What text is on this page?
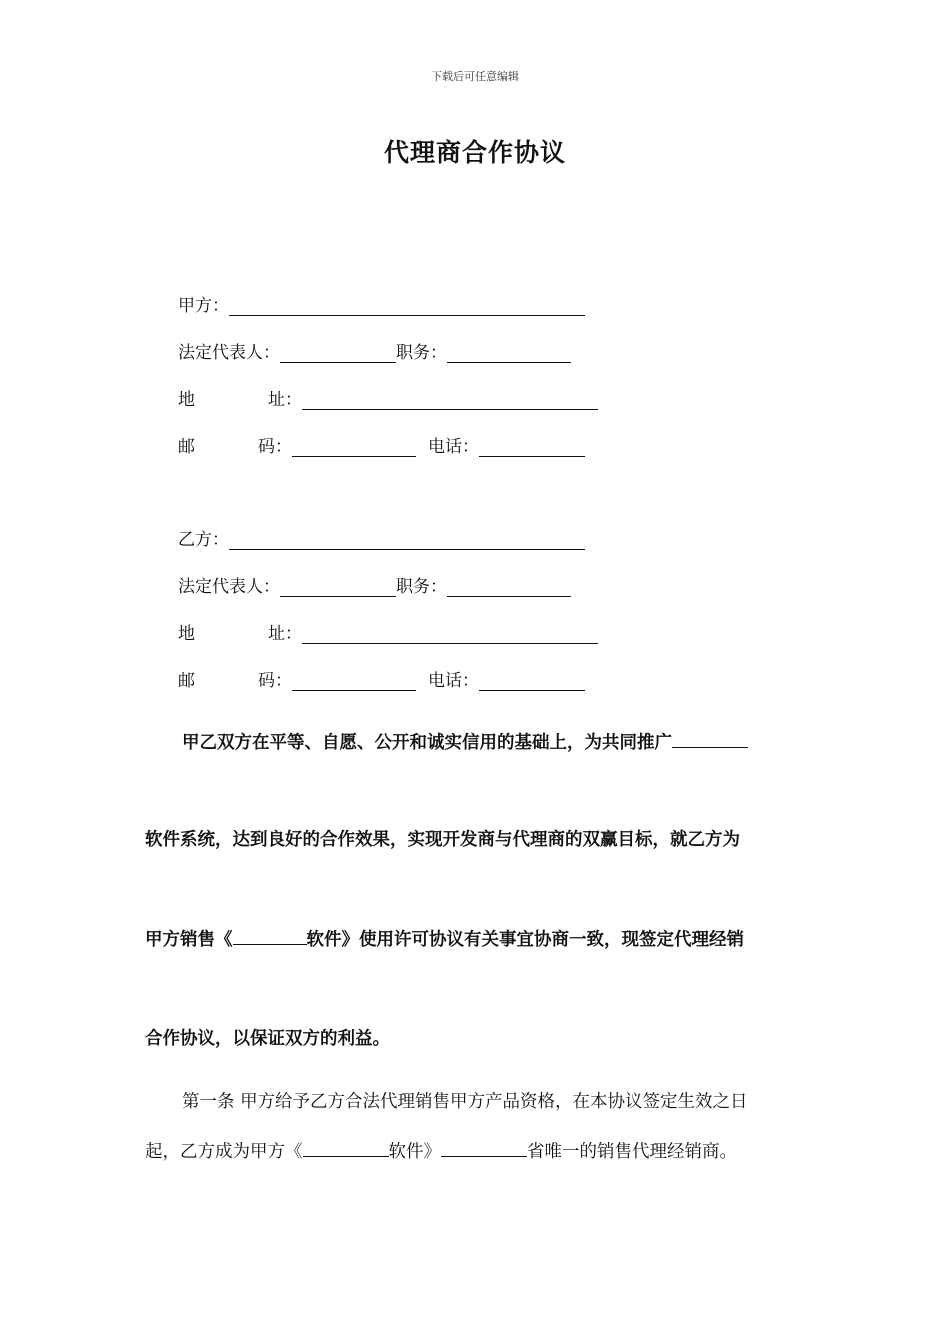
下载后可任意编辑
代理商合作协议
甲方：
法定代表人：	职务：
地	址：
邮	码：	电话：
乙方：
法定代表人：	职务：
地	址：
邮	码：	电话：
甲乙双方在平等、自愿、公开和诚实信用的基础上，为共同推广
软件系统，达到良好的合作效果，实现开发商与代理商的双赢目标，就乙方为
甲方销售《	软件》使用许可协议有关事宜协商一致，现签定代理经销
合作协议，以保证双方的利益。
第一条 甲方给予乙方合法代理销售甲方产品资格，在本协议签定生效之日
起，乙方成为甲方《	软件》	省唯一的销售代理经销商。
